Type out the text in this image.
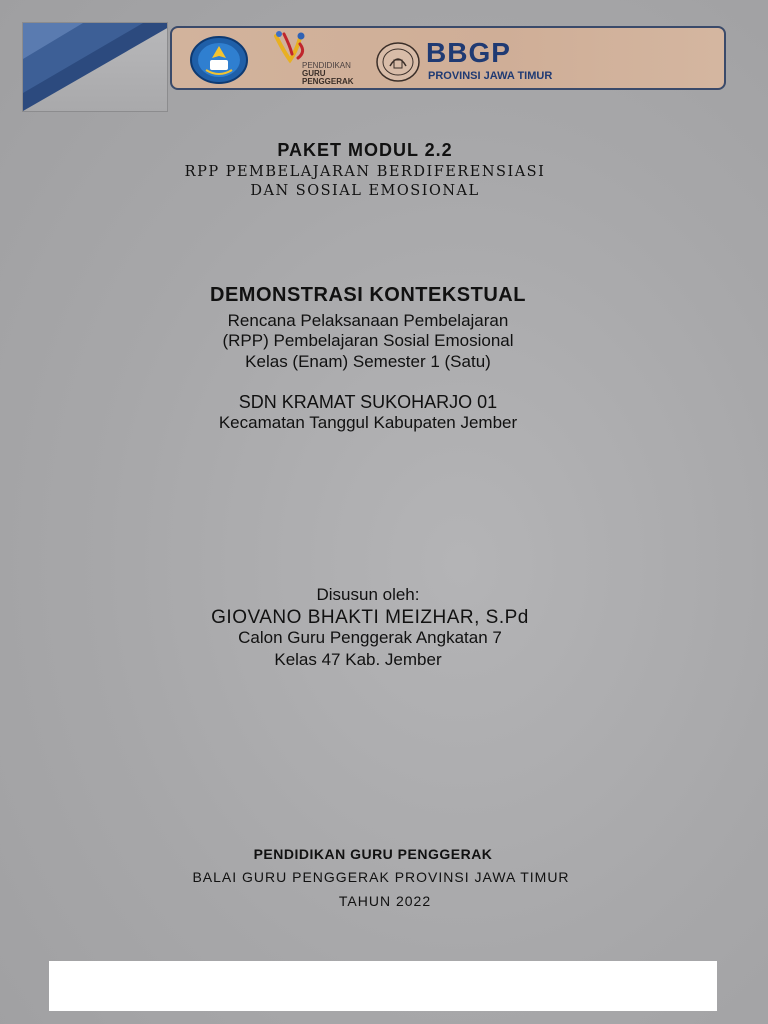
PENDIDIKAN
GURU
PENGGERAK
BBGP
PROVINSI JAWA TIMUR
PAKET MODUL 2.2
RPP PEMBELAJARAN BERDIFERENSIASI
DAN SOSIAL EMOSIONAL
DEMONSTRASI KONTEKSTUAL
Rencana Pelaksanaan Pembelajaran
(RPP) Pembelajaran Sosial Emosional
Kelas (Enam) Semester 1 (Satu)
SDN KRAMAT SUKOHARJO 01
Kecamatan Tanggul Kabupaten Jember
Disusun oleh:
GIOVANO BHAKTI MEIZHAR, S.Pd
Calon Guru Penggerak Angkatan 7
Kelas 47 Kab. Jember
PENDIDIKAN GURU PENGGERAK
BALAI GURU PENGGERAK PROVINSI JAWA TIMUR
TAHUN 2022
